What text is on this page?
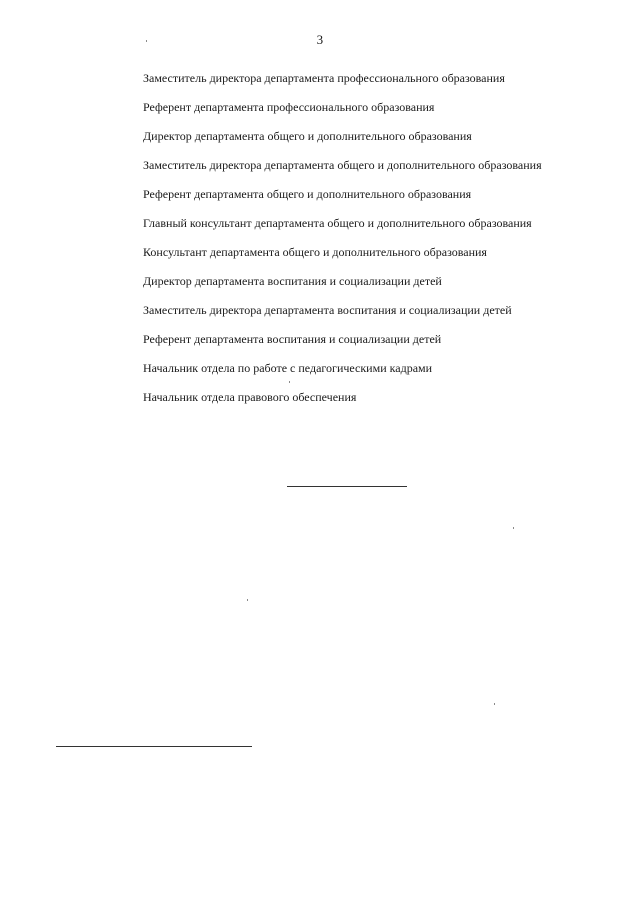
3
Заместитель директора департамента профессионального образования
Референт департамента профессионального образования
Директор департамента общего и дополнительного образования
Заместитель директора департамента общего и дополнительного образования
Референт департамента общего и дополнительного образования
Главный консультант департамента общего и дополнительного образования
Консультант департамента общего и дополнительного образования
Директор департамента воспитания и социализации детей
Заместитель директора департамента воспитания и социализации детей
Референт департамента воспитания и социализации детей
Начальник отдела по работе с педагогическими кадрами
Начальник отдела правового обеспечения
